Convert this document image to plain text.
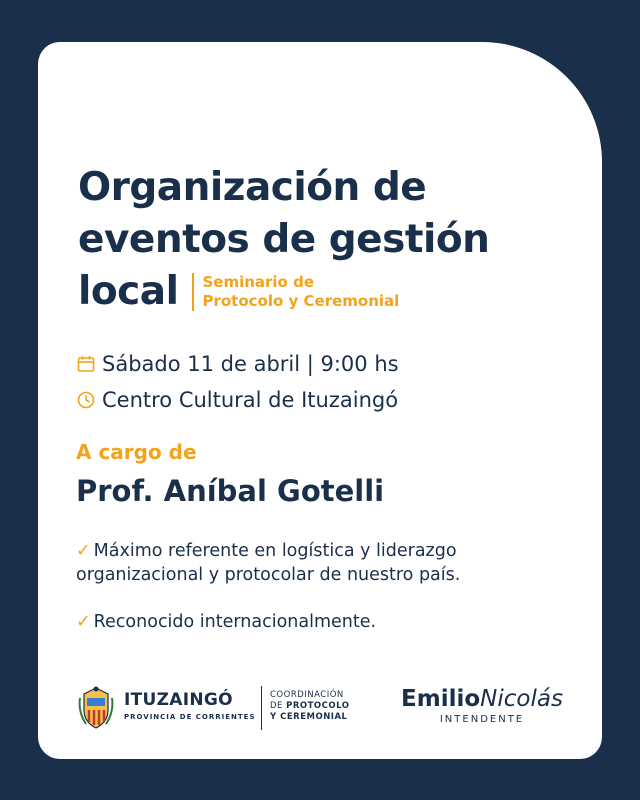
Organización de
eventos de gestión
local	Seminario de
Protocolo y Ceremonial
Sábado 11 de abril | 9:00 hs
Centro Cultural de Ituzaingó
A cargo de
Prof. Aníbal Gotelli
✓ Máximo referente en logística y liderazgo organizacional y protocolar de nuestro país.
✓ Reconocido internacionalmente.
ITUZAINGÓ
PROVINCIA DE CORRIENTES
COORDINACIÓN
DE PROTOCOLO
Y CEREMONIAL
EmilioNicolás
INTENDENTE
